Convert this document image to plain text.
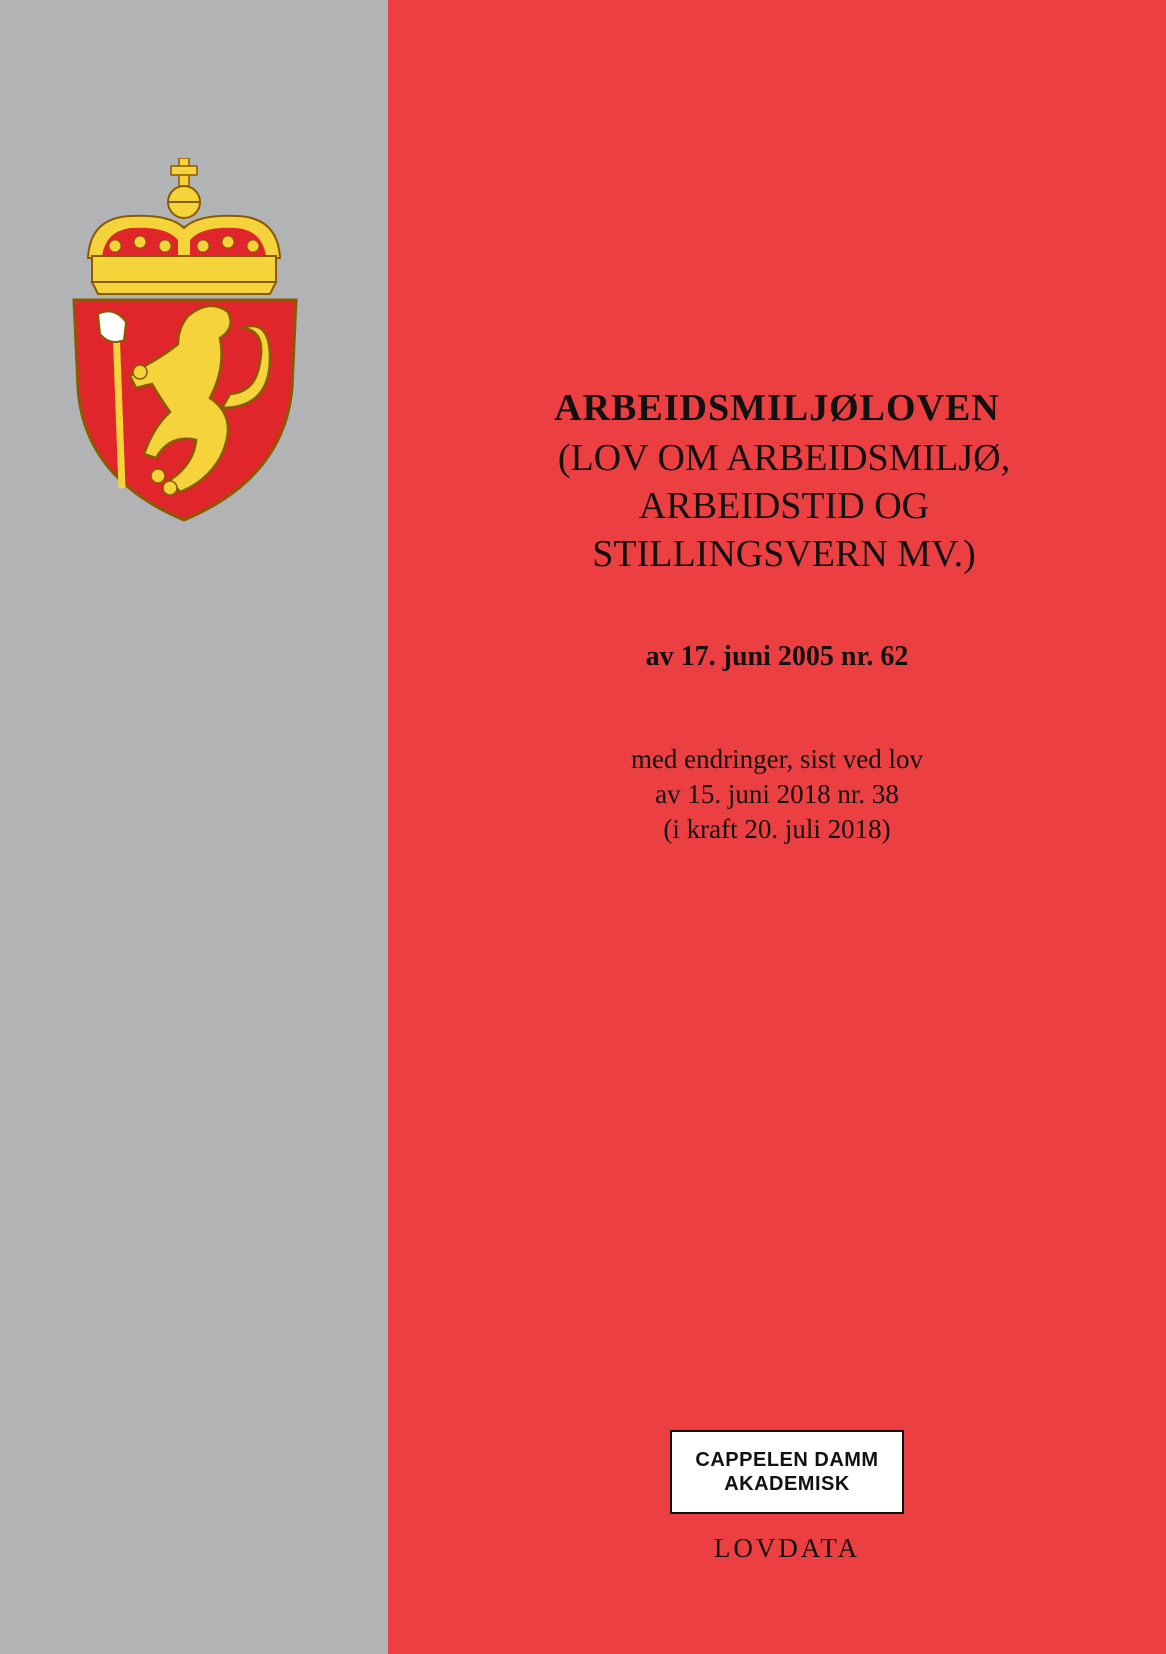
ARBEIDSMILJØLOVEN

(LOV OM ARBEIDSMILJØ,

ARBEIDSTID OG

STILLINGSVERN MV.)

av 17. juni 2005 nr. 62
med endringer, sist ved lov
av 15. juni 2018 nr. 38
(i kraft 20. juli 2018)
CAPPELEN DAMM
AKADEMISK
LOVDATA
